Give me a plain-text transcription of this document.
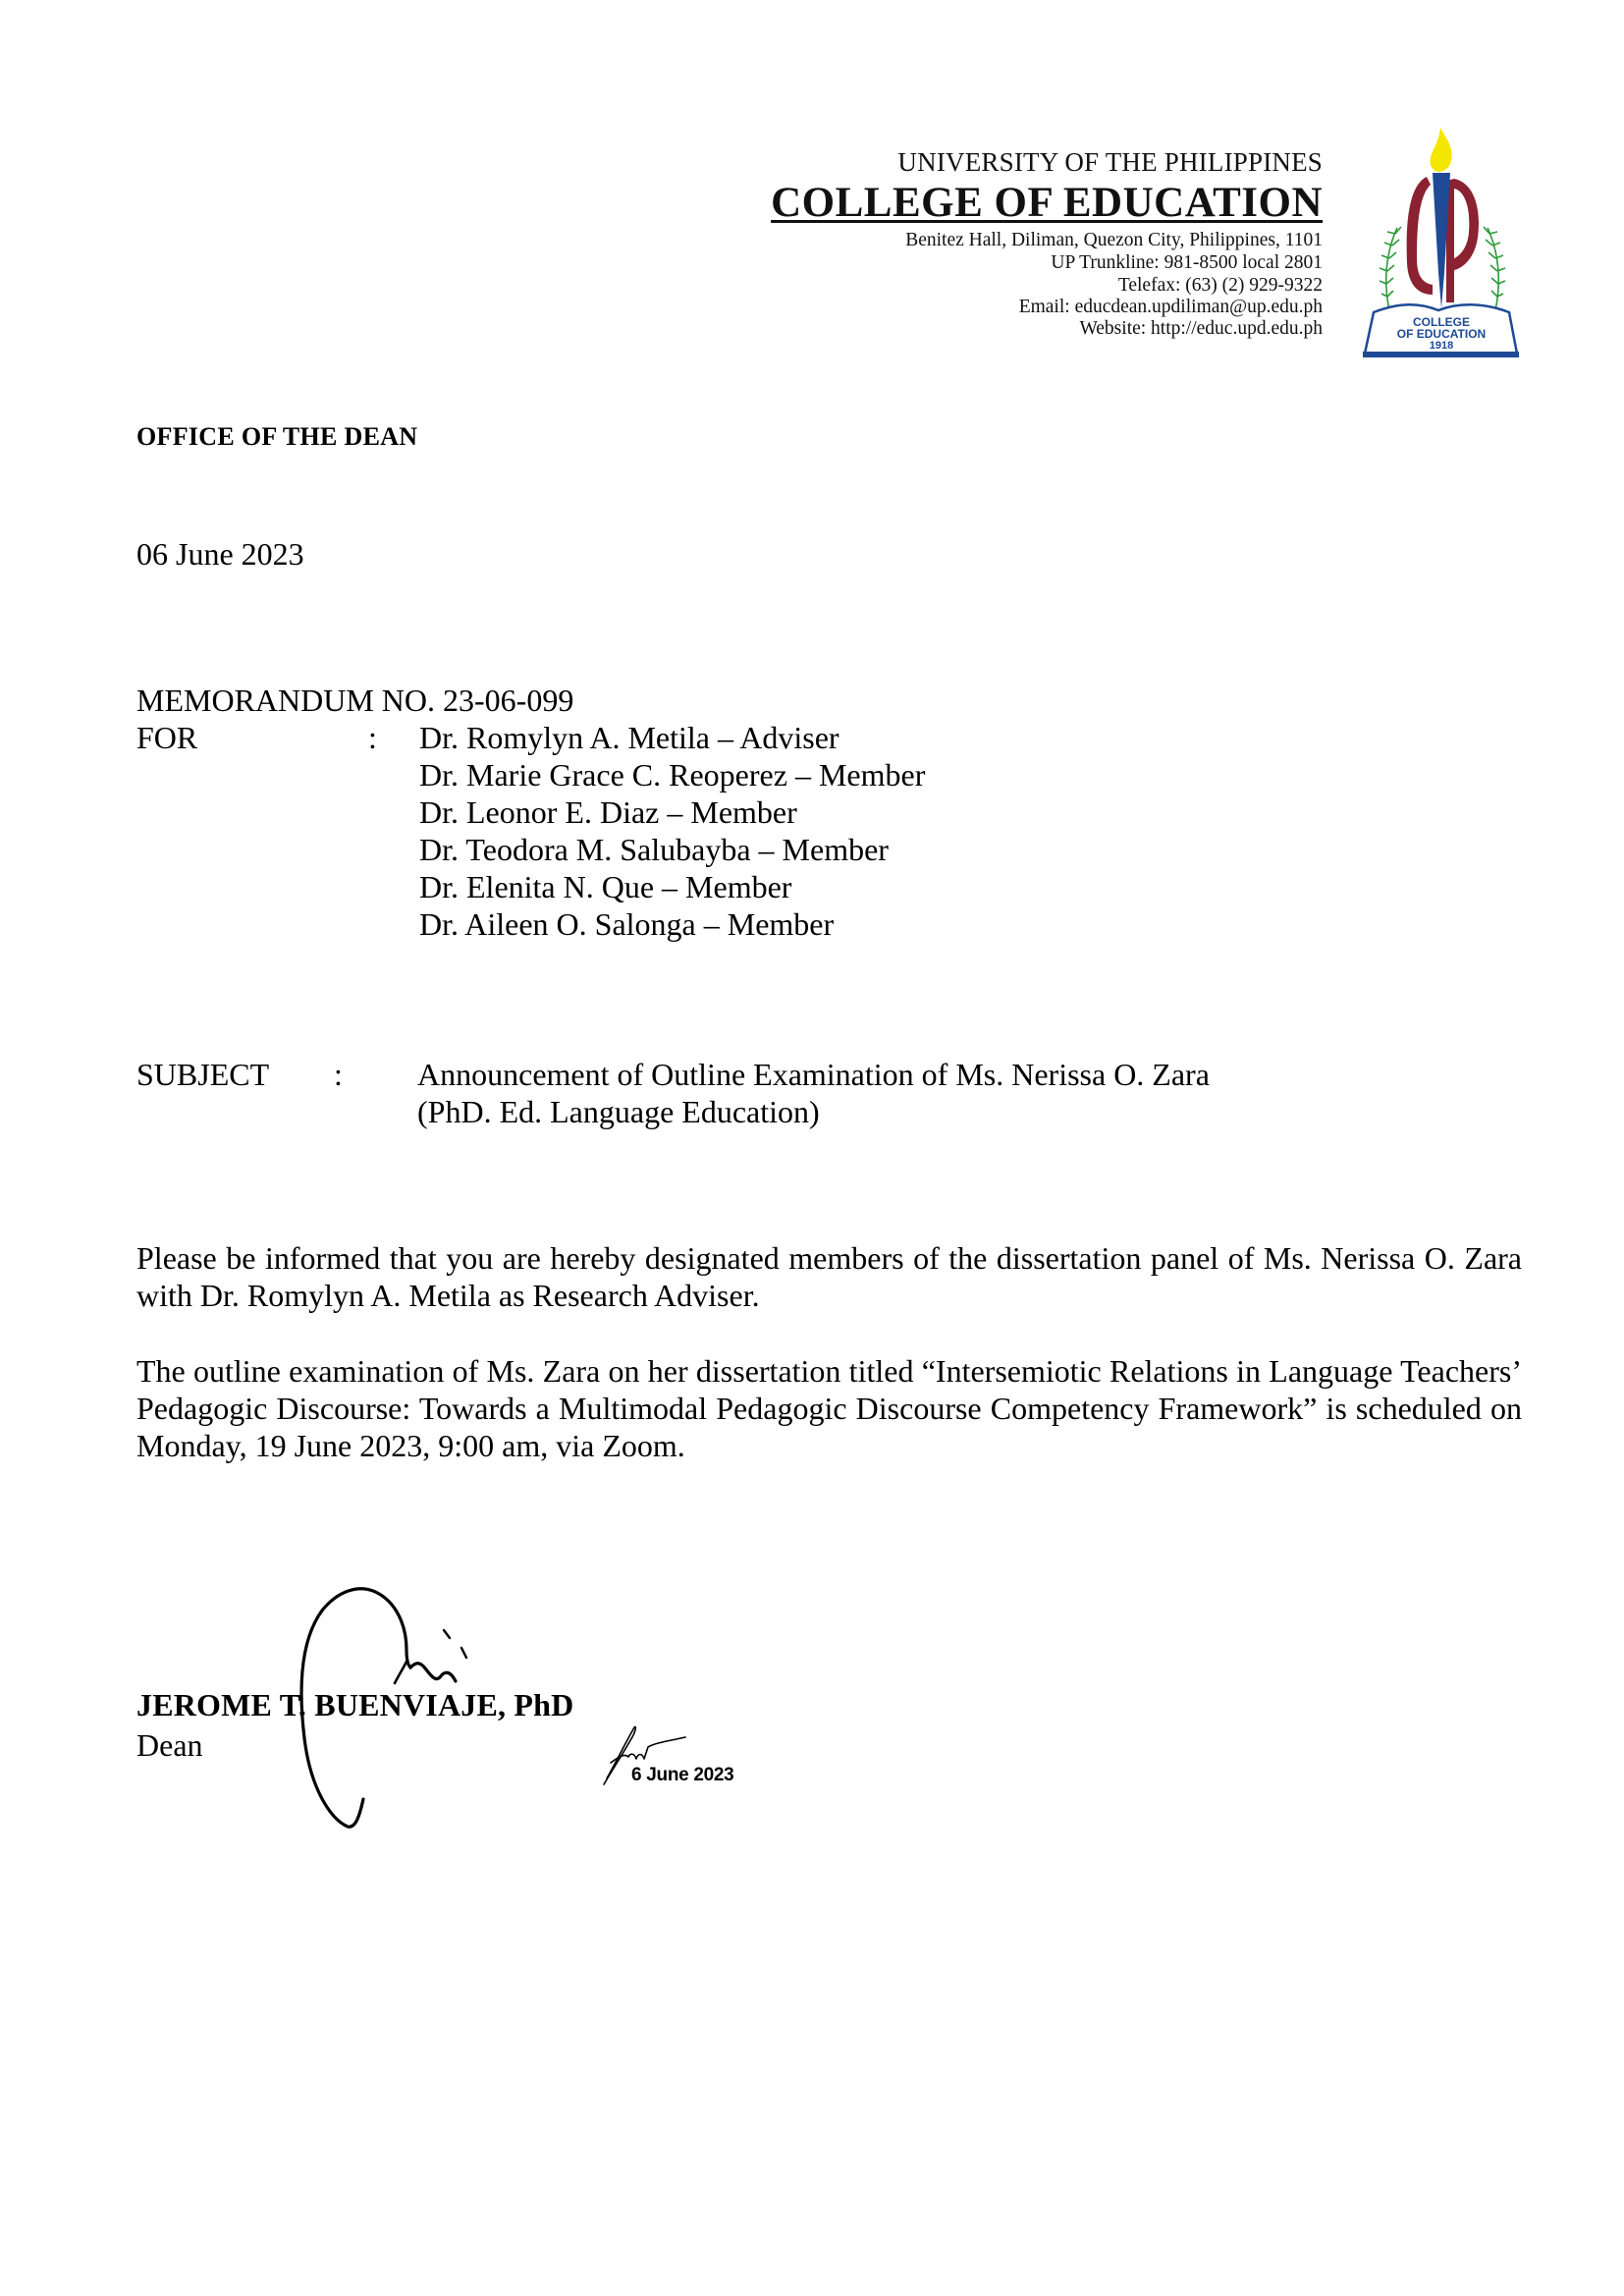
UNIVERSITY OF THE PHILIPPINES
COLLEGE OF EDUCATION
Benitez Hall, Diliman, Quezon City, Philippines, 1101
UP Trunkline: 981-8500 local 2801
Telefax: (63) (2) 929-9322
Email: educdean.updiliman@up.edu.ph
Website: http://educ.upd.edu.ph	COLLEGE
OF EDUCATION
1918
OFFICE OF THE DEAN
06 June 2023
MEMORANDUM NO. 23-06-099
FOR	: Dr. Romylyn A. Metila – Adviser
Dr. Marie Grace C. Reoperez – Member
Dr. Leonor E. Diaz – Member
Dr. Teodora M. Salubayba – Member
Dr. Elenita N. Que – Member
Dr. Aileen O. Salonga – Member
SUBJECT : Announcement of Outline Examination of Ms. Nerissa O. Zara
(PhD. Ed. Language Education)
Please be informed that you are hereby designated members of the dissertation panel of Ms. Nerissa O. Zara with Dr. Romylyn A. Metila as Research Adviser.
The outline examination of Ms. Zara on her dissertation titled “Intersemiotic Relations in Language Teachers’ Pedagogic Discourse: Towards a Multimodal Pedagogic Discourse Competency Framework” is scheduled on Monday, 19 June 2023, 9:00 am, via Zoom.
JEROME T. BUENVIAJE, PhD
Dean
6 June 2023
